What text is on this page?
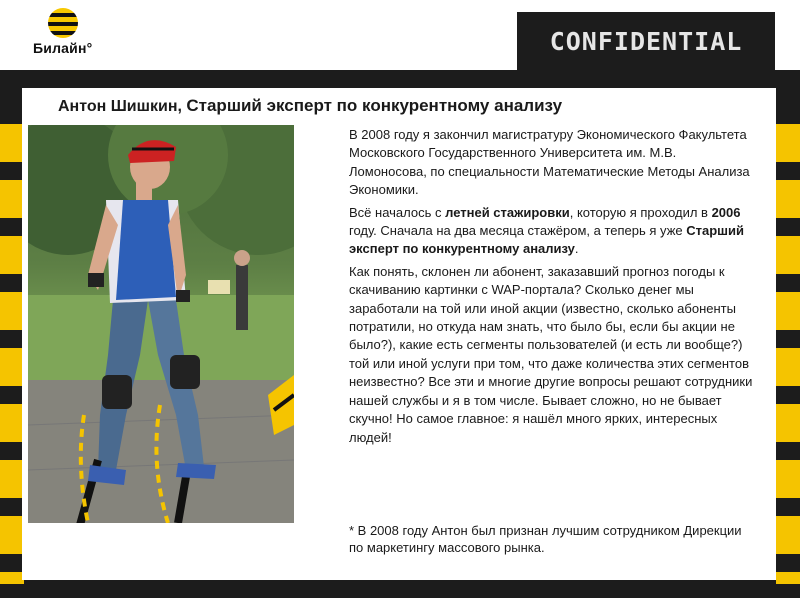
Билайн°	CONFIDENTIAL
Антон Шишкин, Старший эксперт по конкурентному анализу

В 2008 году я закончил магистратуру Экономического Факультета Московского Государственного Университета им. М.В. Ломоносова, по специальности Математические Методы Анализа Экономики.

Всё началось с летней стажировки, которую я проходил в 2006 году. Сначала на два месяца стажёром, а теперь я уже Старший эксперт по конкурентному анализу.

Как понять, склонен ли абонент, заказавший прогноз погоды к скачиванию картинки с WAP-портала? Сколько денег мы заработали на той или иной акции (известно, сколько абоненты потратили, но откуда нам знать, что было бы, если бы акции не было?), какие есть сегменты пользователей (и есть ли вообще?) той или иной услуги при том, что даже количества этих сегментов неизвестно? Все эти и многие другие вопросы решают сотрудники нашей службы и я в том числе. Бывает сложно, но не бывает скучно! Но самое главное: я нашёл много ярких, интересных людей!

* В 2008 году Антон был признан лучшим сотрудником Дирекции по маркетингу массового рынка.
